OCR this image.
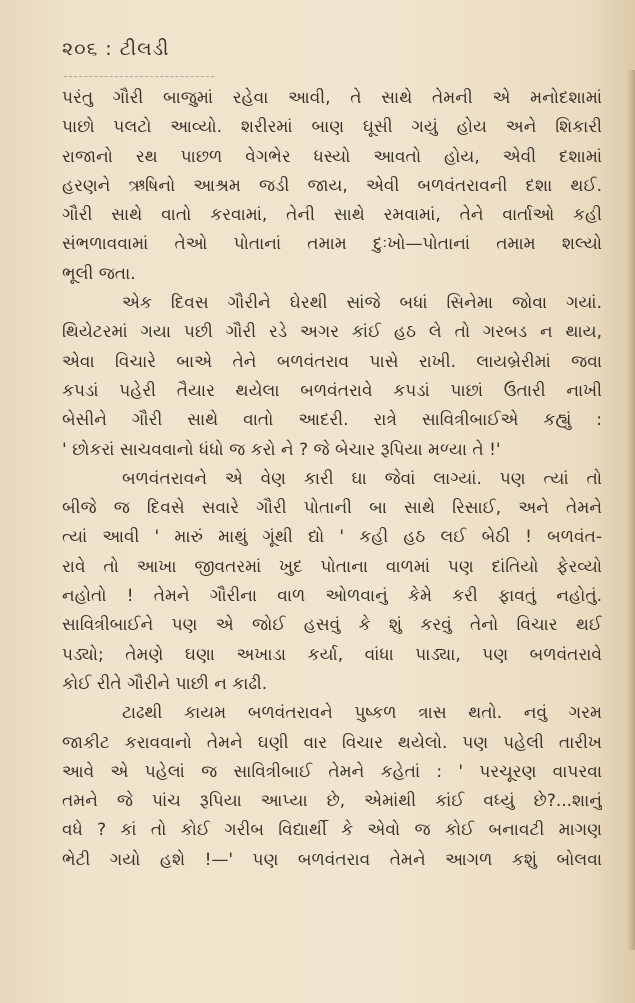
૨૦૬ : ટીલડી
પરંતુ ગૌરી બાજુમાં રહેવા આવી, તે સાથે તેમની એ મનોદશામાં
પાછો પલટો આવ્યો. શરીરમાં બાણ ઘૂસી ગયું હોય અને શિકારી
રાજાનો રથ પાછળ વેગભેર ધસ્યો આવતો હોય, એવી દશામાં
હરણને ઋષિનો આશ્રમ જડી જાય, એવી બળવંતરાવની દશા થઈ.
ગૌરી સાથે વાતો કરવામાં, તેની સાથે રમવામાં, તેને વાર્તાઓ કહી
સંભળાવવામાં તેઓ પોતાનાં તમામ દુઃખો—પોતાનાં તમામ શલ્યો
ભૂલી જતા.
એક દિવસ ગૌરીને ઘેરથી સાંજે બધાં સિનેમા જોવા ગયાં.
થિયેટરમાં ગયા પછી ગૌરી રડે અગર કાંઈ હઠ લે તો ગરબડ ન થાય,
એવા વિચારે બાએ તેને બળવંતરાવ પાસે રાખી. લાયબ્રેરીમાં જવા
કપડાં પહેરી તૈયાર થયેલા બળવંતરાવે કપડાં પાછાં ઉતારી નાખી
બેસીને ગૌરી સાથે વાતો આદરી. રાત્રે સાવિત્રીબાઈએ કહ્યું :
' છોકરાં સાચવવાનો ધંધો જ કરો ને ? જે બેચાર રૂપિયા મળ્યા તે !'
બળવંતરાવને એ વેણ કારી ઘા જેવાં લાગ્યાં. પણ ત્યાં તો
બીજે જ દિવસે સવારે ગૌરી પોતાની બા સાથે રિસાઈ, અને તેમને
ત્યાં આવી ' મારું માથું ગૂંથી દ્યો ' કહી હઠ લઈ બેઠી ! બળવંત-
રાવે તો આખા જીવતરમાં ખુદ પોતાના વાળમાં પણ દાંતિયો ફેરવ્યો
નહોતો ! તેમને ગૌરીના વાળ ઓળવાનું કેમે કરી ફાવતું નહોતું.
સાવિત્રીબાઈને પણ એ જોઈ હસવું કે શું કરવું તેનો વિચાર થઈ
પડ્યો; તેમણે ઘણા અખાડા કર્યા, વાંધા પાડ્યા, પણ બળવંતરાવે
કોઈ રીતે ગૌરીને પાછી ન કાઢી.
ટાઢથી કાયમ બળવંતરાવને પુષ્કળ ત્રાસ થતો. નવું ગરમ
જાકીટ કરાવવાનો તેમને ઘણી વાર વિચાર થયેલો. પણ પહેલી તારીખ
આવે એ પહેલાં જ સાવિત્રીબાઈ તેમને કહેતાં : ' પરચૂરણ વાપરવા
તમને જે પાંચ રૂપિયા આપ્યા છે, એમાંથી કાંઈ વધ્યું છે?...શાનું
વધે ? કાં તો કોઈ ગરીબ વિદ્યાર્થી કે એવો જ કોઈ બનાવટી માગણ
ભેટી ગયો હશે !—' પણ બળવંતરાવ તેમને આગળ કશું બોલવા
